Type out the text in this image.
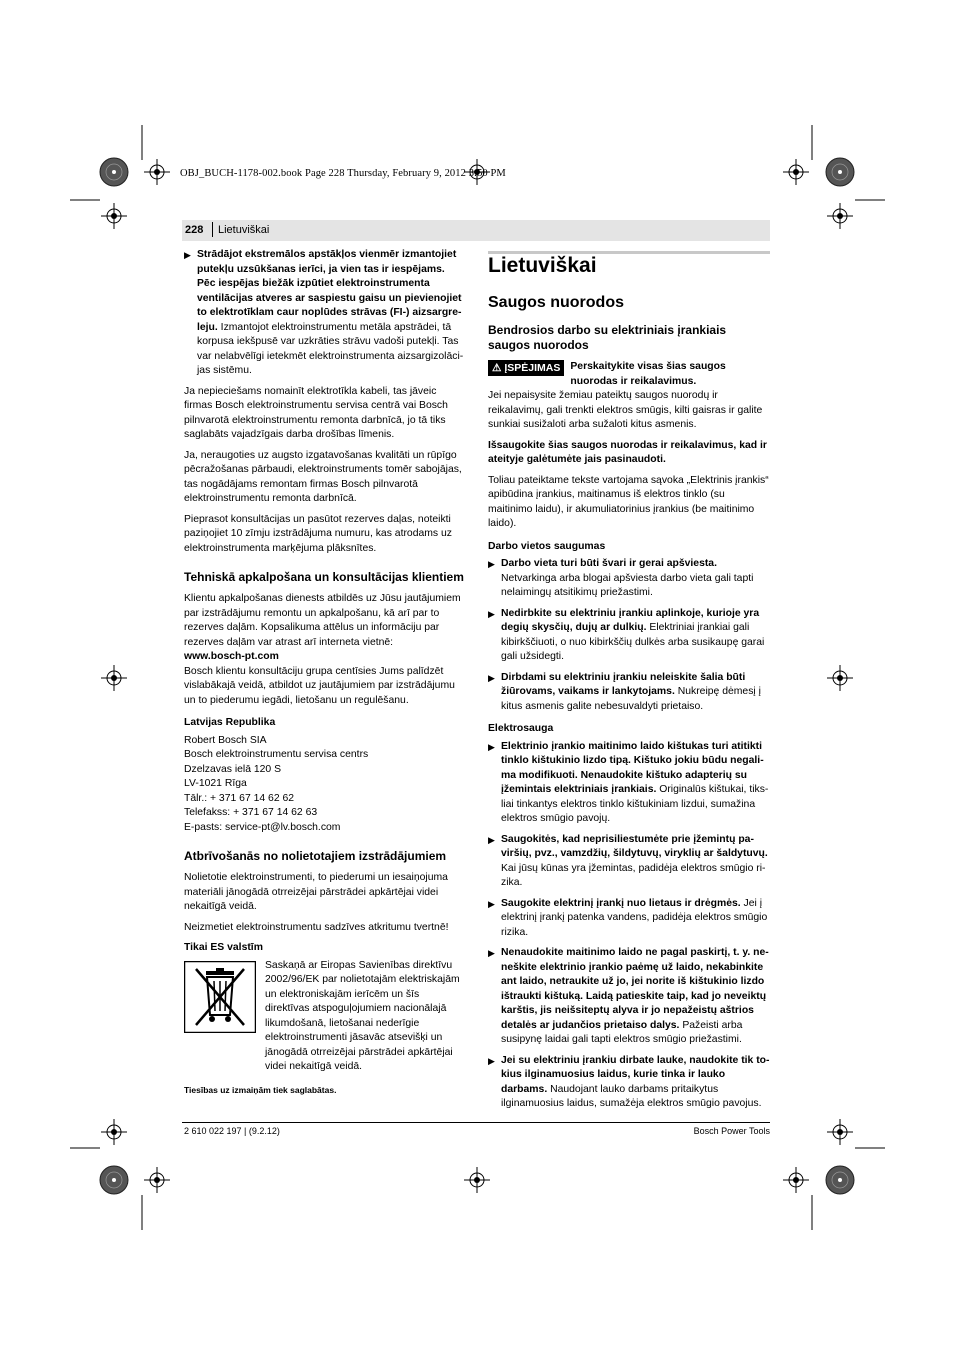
OBJ_BUCH-1178-002.book Page 228 Thursday, February 9, 2012 3:50 PM
228 Lietuviškai
▶ Strādājot ekstremālos apstākļos vienmēr izmantojiet putekļu uzsūkšanas ierīci, ja vien tas ir iespējams. Pēc iespējas biežāk izpūtiet elektroinstrumenta ventilācijas atveres ar saspiestu gaisu un pievienojiet to elektrotīklam caur noplūdes strāvas (FI-) aizsargreleju. Izmantojot elektroinstrumentu metāla apstrādei, tā korpusa iekšpusē var uzkrāties strāvu vadoši putekļi. Tas var nelabvēlīgi ietekmēt elektroinstrumenta aizsargizolācijas sistēmu.

Ja nepieciešams nomainīt elektrotīkla kabeli, tas jāveic firmas Bosch elektroinstrumentu servisa centrā vai Bosch pilnvarotā elektroinstrumentu remonta darbnīcā, jo tā tiks saglabāts vajadzīgais darba drošības līmenis.

Ja, neraugoties uz augsto izgatavošanas kvalitāti un rūpīgo pēcražošanas pārbaudi, elektroinstruments tomēr sabojājas, tas nogādājams remontam firmas Bosch pilnvarotā elektroinstrumentu remonta darbnīcā.

Pieprasot konsultācijas un pasūtot rezerves daļas, noteikti paziņojiet 10 zīmju izstrādājuma numuru, kas atrodams uz elektroinstrumenta marķējuma plāksnītes.

Tehniskā apkalpošana un konsultācijas klientiem

Klientu apkalpošanas dienests atbildēs uz Jūsu jautājumiem par izstrādājumu remontu un apkalpošanu, kā arī par to rezerves daļām. Kopsalikuma attēlus un informāciju par rezerves daļām var atrast arī interneta vietnē:

www.bosch-pt.com

Bosch klientu konsultāciju grupa centīsies Jums palīdzēt vislabākajā veidā, atbildot uz jautājumiem par izstrādājumu un to piederumu iegādi, lietošanu un regulēšanu.

Latvijas Republika
Robert Bosch SIA
Bosch elektroinstrumentu servisa centrs
Dzelzavas ielā 120 S
LV-1021 Rīga
Tālr.: + 371 67 14 62 62
Telefakss: + 371 67 14 62 63
E-pasts: service-pt@lv.bosch.com
Atbrīvošanās no nolietotajiem izstrādājumiem

Nolietotie elektroinstrumenti, to piederumi un iesaiņojuma materiāli jānogādā otrreizējai pārstrādei apkārtējai videi nekaitīgā veidā.

Neizmetiet elektroinstrumentu sadzīves atkritumu tvertnē!

Tikai ES valstīm
Saskaņā ar Eiropas Savienības direktīvu 2002/96/EK par nolietotajām elektriskajām un elektroniskajām ierīcēm un šīs direktīvas atspoguļojumiem nacionālajā likumdošanā, lietošanai nederīgie elektroinstrumenti jāsavāc atsevišķi un jānogādā otrreizējai pārstrādei apkārtējai videi nekaitīgā veidā.
Tiesības uz izmaiņām tiek saglabātas.
Lietuviškai
Saugos nuorodos
Bendrosios darbo su elektriniais įrankiais saugos nuorodos
⚠ ĮSPĖJIMAS Perskaitykite visas šias saugos nuorodas ir reikalavimus.

Jei nepaisysite žemiau pateiktų saugos nuorodų ir reikalavimų, gali trenkti elektros smūgis, kilti gaisras ir galite sunkiai susižaloti arba sužaloti kitus asmenis.

Išsaugokite šias saugos nuorodas ir reikalavimus, kad ir ateityje galėtumėte jais pasinaudoti.

Toliau pateiktame tekste vartojama sąvoka „Elektrinis įrankis“ apibūdina įrankius, maitinamus iš elektros tinklo (su maitinimo laidu), ir akumuliatorinius įrankius (be maitinimo laido).

Darbo vietos saugumas
▶ Darbo vieta turi būti švari ir gerai apšviesta. Netvarkinga arba blogai apšviesta darbo vieta gali tapti nelaimingų atsitikimų priežastimi.
▶ Nedirbkite su elektriniu įrankiu aplinkoje, kurioje yra degių skysčių, dujų ar dulkių. Elektriniai įrankiai gali kibirkščiuoti, o nuo kibirkščių dulkės arba susikaupę garai gali užsidegti.
▶ Dirbdami su elektriniu įrankiu neleiskite šalia būti žiūrovams, vaikams ir lankytojams. Nukreipę dėmesį į kitus asmenis galite nebesuvaldyti prietaiso.
Elektrosauga
▶ Elektrinio įrankio maitinimo laido kištukas turi atitikti tinklo kištukinio lizdo tipą. Kištuko jokiu būdu negalima modifikuoti. Nenaudokite kištuko adapterių su įžemintais elektriniais įrankiais. Originalūs kištukai, tiksliai tinkantys elektros tinklo kištukiniam lizdui, sumažina elektros smūgio pavojų.
▶ Saugokitės, kad neprisiliestumėte prie įžemintų paviršių, pvz., vamzdžių, šildytuvų, viryklių ar šaldytuvų. Kai jūsų kūnas yra įžemintas, padidėja elektros smūgio rizika.
▶ Saugokite elektrinį įrankį nuo lietaus ir drėgmės. Jei į elektrinį įrankį patenka vandens, padidėja elektros smūgio rizika.
▶ Nenaudokite maitinimo laido ne pagal paskirtį, t. y. neneškite elektrinio įrankio paėmę už laido, nekabinkite ant laido, netraukite už jo, jei norite iš kištukinio lizdo ištraukti kištuką. Laidą patieskite taip, kad jo neveiktų karštis, jis neišsiteptų alyva ir jo nepažeistų aštrios detalės ar judančios prietaiso dalys. Pažeisti arba susipynę laidai gali tapti elektros smūgio priežastimi.
▶ Jei su elektriniu įrankiu dirbate lauke, naudokite tik tokius ilginamuosius laidus, kurie tinka ir lauko darbams. Naudojant lauko darbams pritaikytus ilginamuosius laidus, sumažėja elektros smūgio pavojus.
2 610 022 197 | (9.2.12)	Bosch Power Tools
